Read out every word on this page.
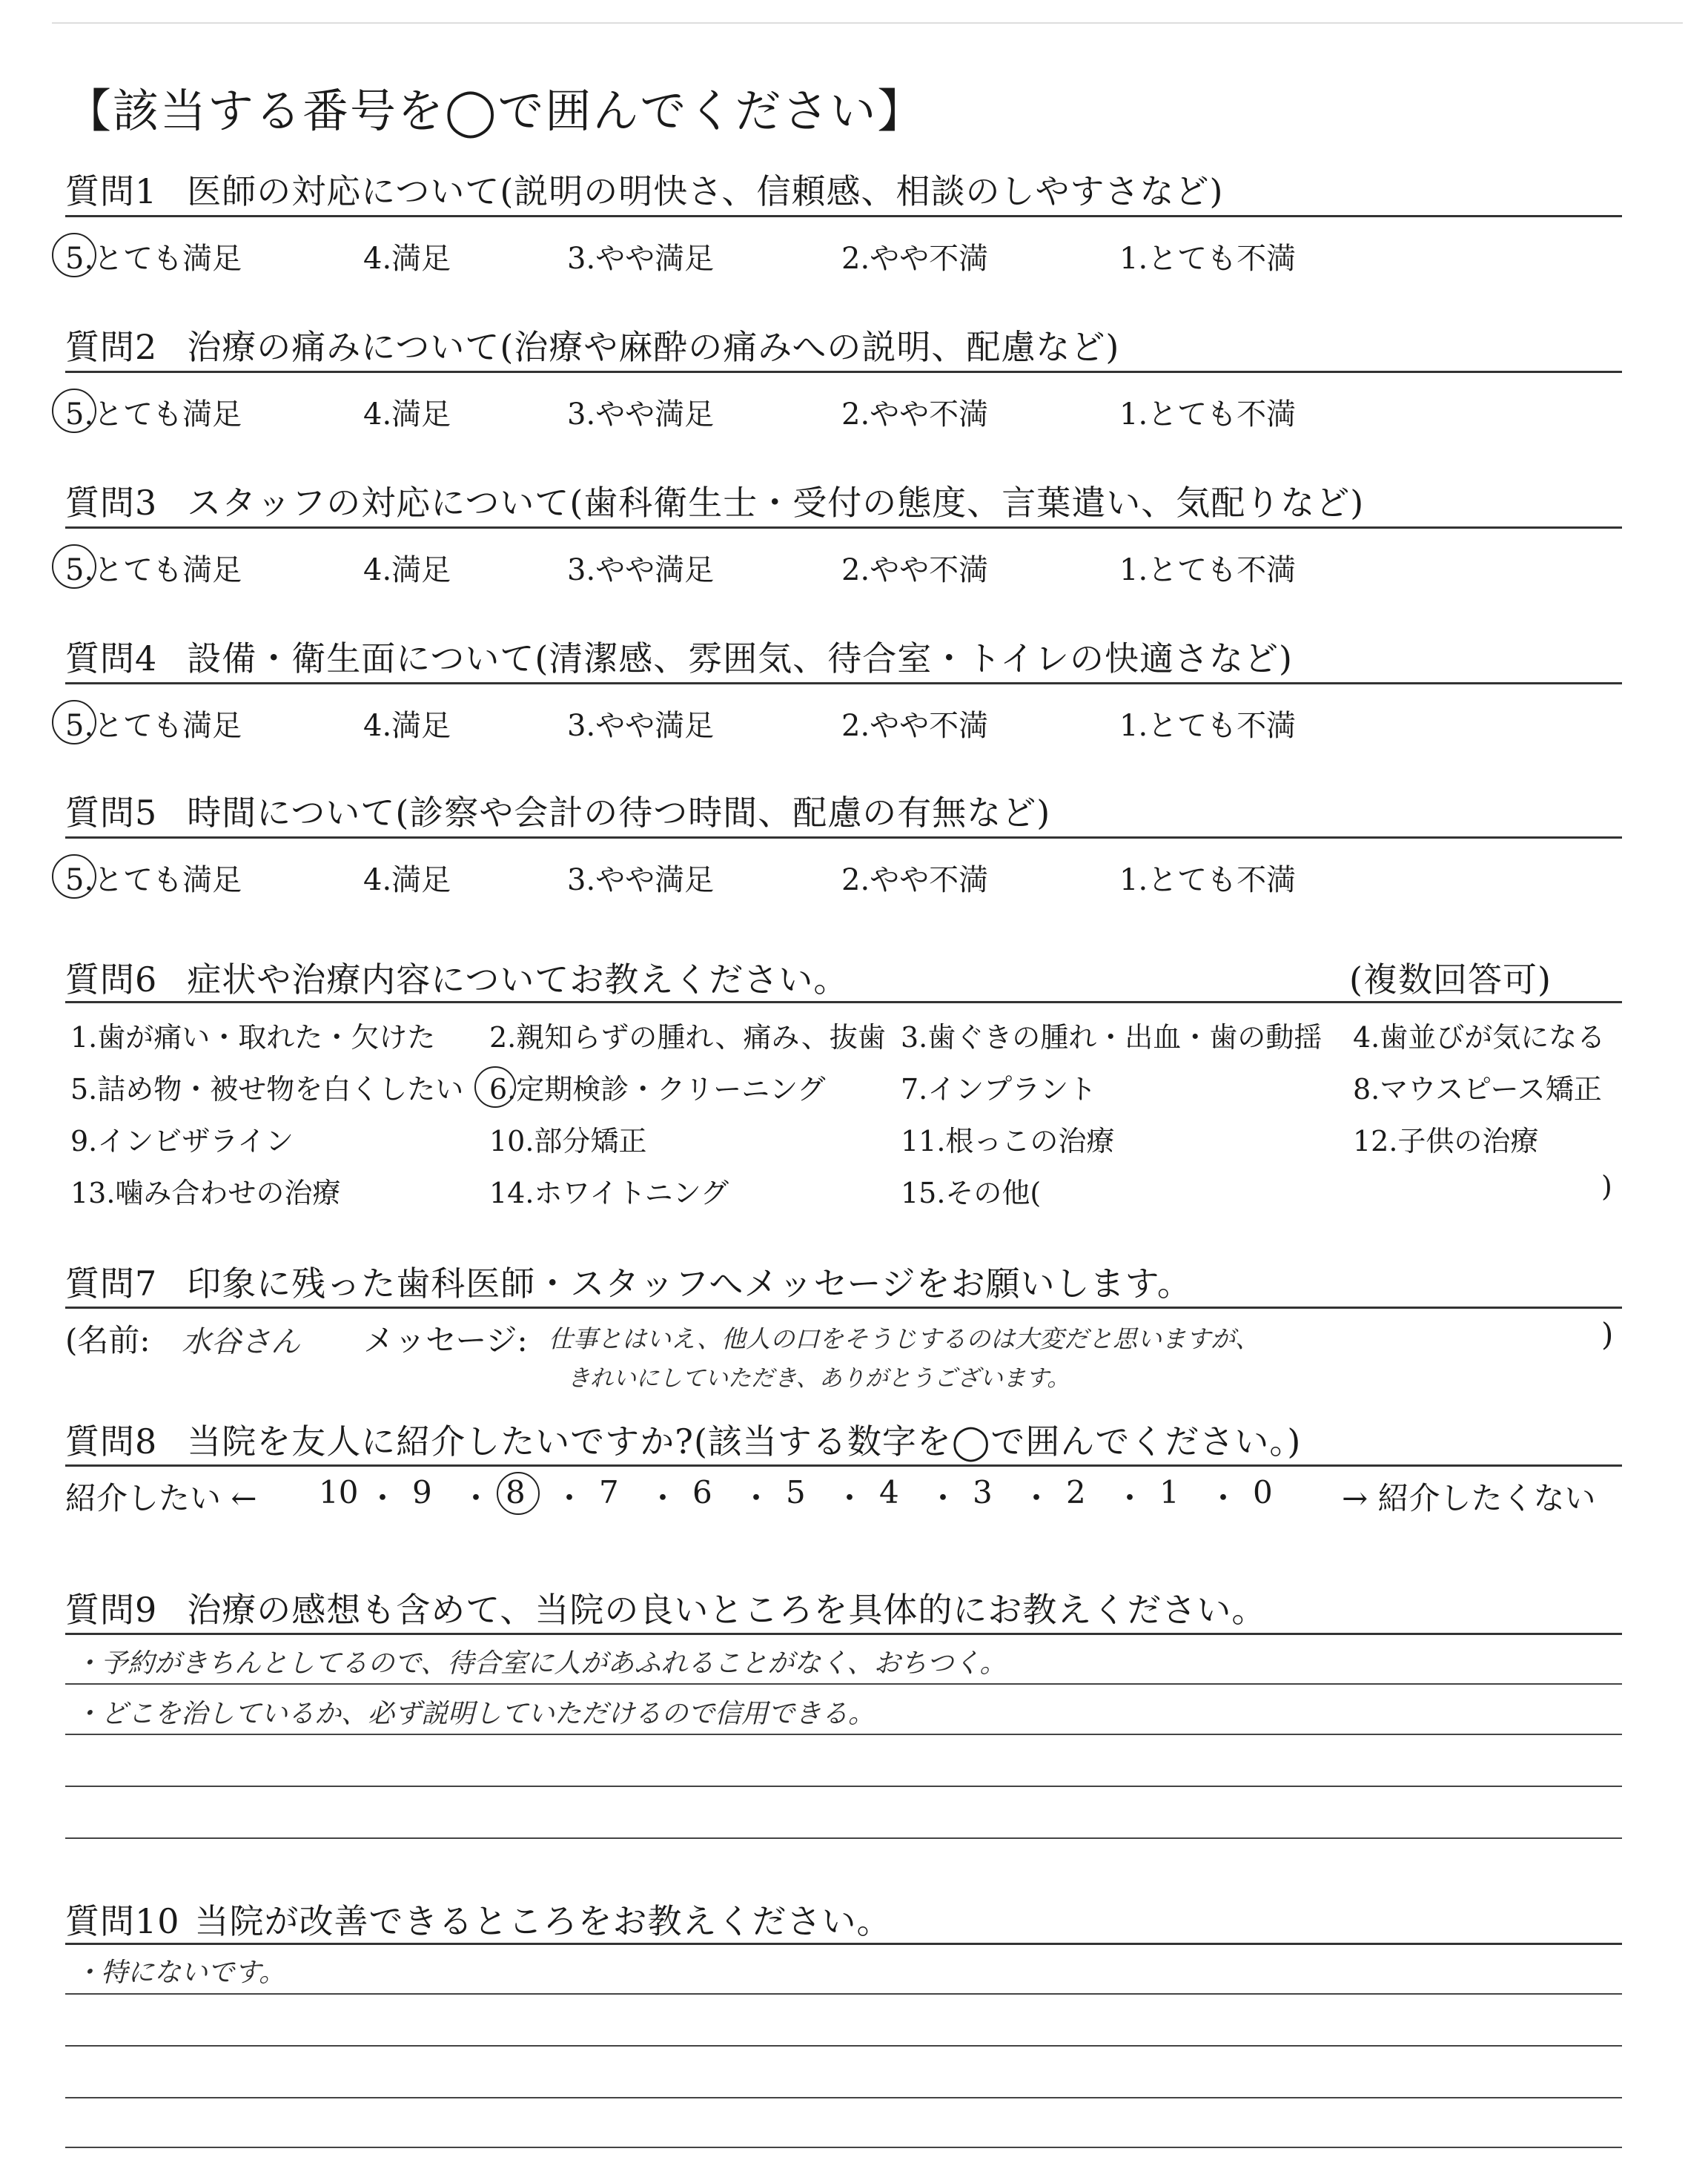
【該当する番号を◯で囲んでください】
質問1 医師の対応について(説明の明快さ、信頼感、相談のしやすさなど)
5.とても満足	4.満足	3.やや満足	2.やや不満	1.とても不満
質問2 治療の痛みについて(治療や麻酔の痛みへの説明、配慮など)
5.とても満足	4.満足	3.やや満足	2.やや不満	1.とても不満
質問3 スタッフの対応について(歯科衛生士・受付の態度、言葉遣い、気配りなど)
5.とても満足	4.満足	3.やや満足	2.やや不満	1.とても不満
質問4 設備・衛生面について(清潔感、雰囲気、待合室・トイレの快適さなど)
5.とても満足	4.満足	3.やや満足	2.やや不満	1.とても不満
質問5 時間について(診察や会計の待つ時間、配慮の有無など)
5.とても満足	4.満足	3.やや満足	2.やや不満	1.とても不満
質問6 症状や治療内容についてお教えください。	(複数回答可)
1.歯が痛い・取れた・欠けた 2.親知らずの腫れ、痛み、抜歯 3.歯ぐきの腫れ・出血・歯の動揺 4.歯並びが気になる
5.詰め物・被せ物を白くしたい 6.定期検診・クリーニング	7.インプラント	8.マウスピース矯正
9.インビザライン	10.部分矯正	11.根っこの治療	12.子供の治療
13.噛み合わせの治療	14.ホワイトニング	15.その他(	)
質問7 印象に残った歯科医師・スタッフへメッセージをお願いします。
(名前: 水谷さん メッセージ: 仕事とはいえ、他人の口をそうじするのは大変だと思いますが、
きれいにしていただき、ありがとうございます。
)
質問8 当院を友人に紹介したいですか?(該当する数字を◯で囲んでください。)
紹介したい ← 10 ・ 9 ・ 8 ・ 7 ・ 6 ・ 5 ・ 4 ・ 3 ・ 2 ・ 1 ・ 0 → 紹介したくない
質問9 治療の感想も含めて、当院の良いところを具体的にお教えください。
・予約がきちんとしてるので、待合室に人があふれることがなく、おちつく。
・どこを治しているか、必ず説明していただけるので信用できる。
質問10 当院が改善できるところをお教えください。
・特にないです。
